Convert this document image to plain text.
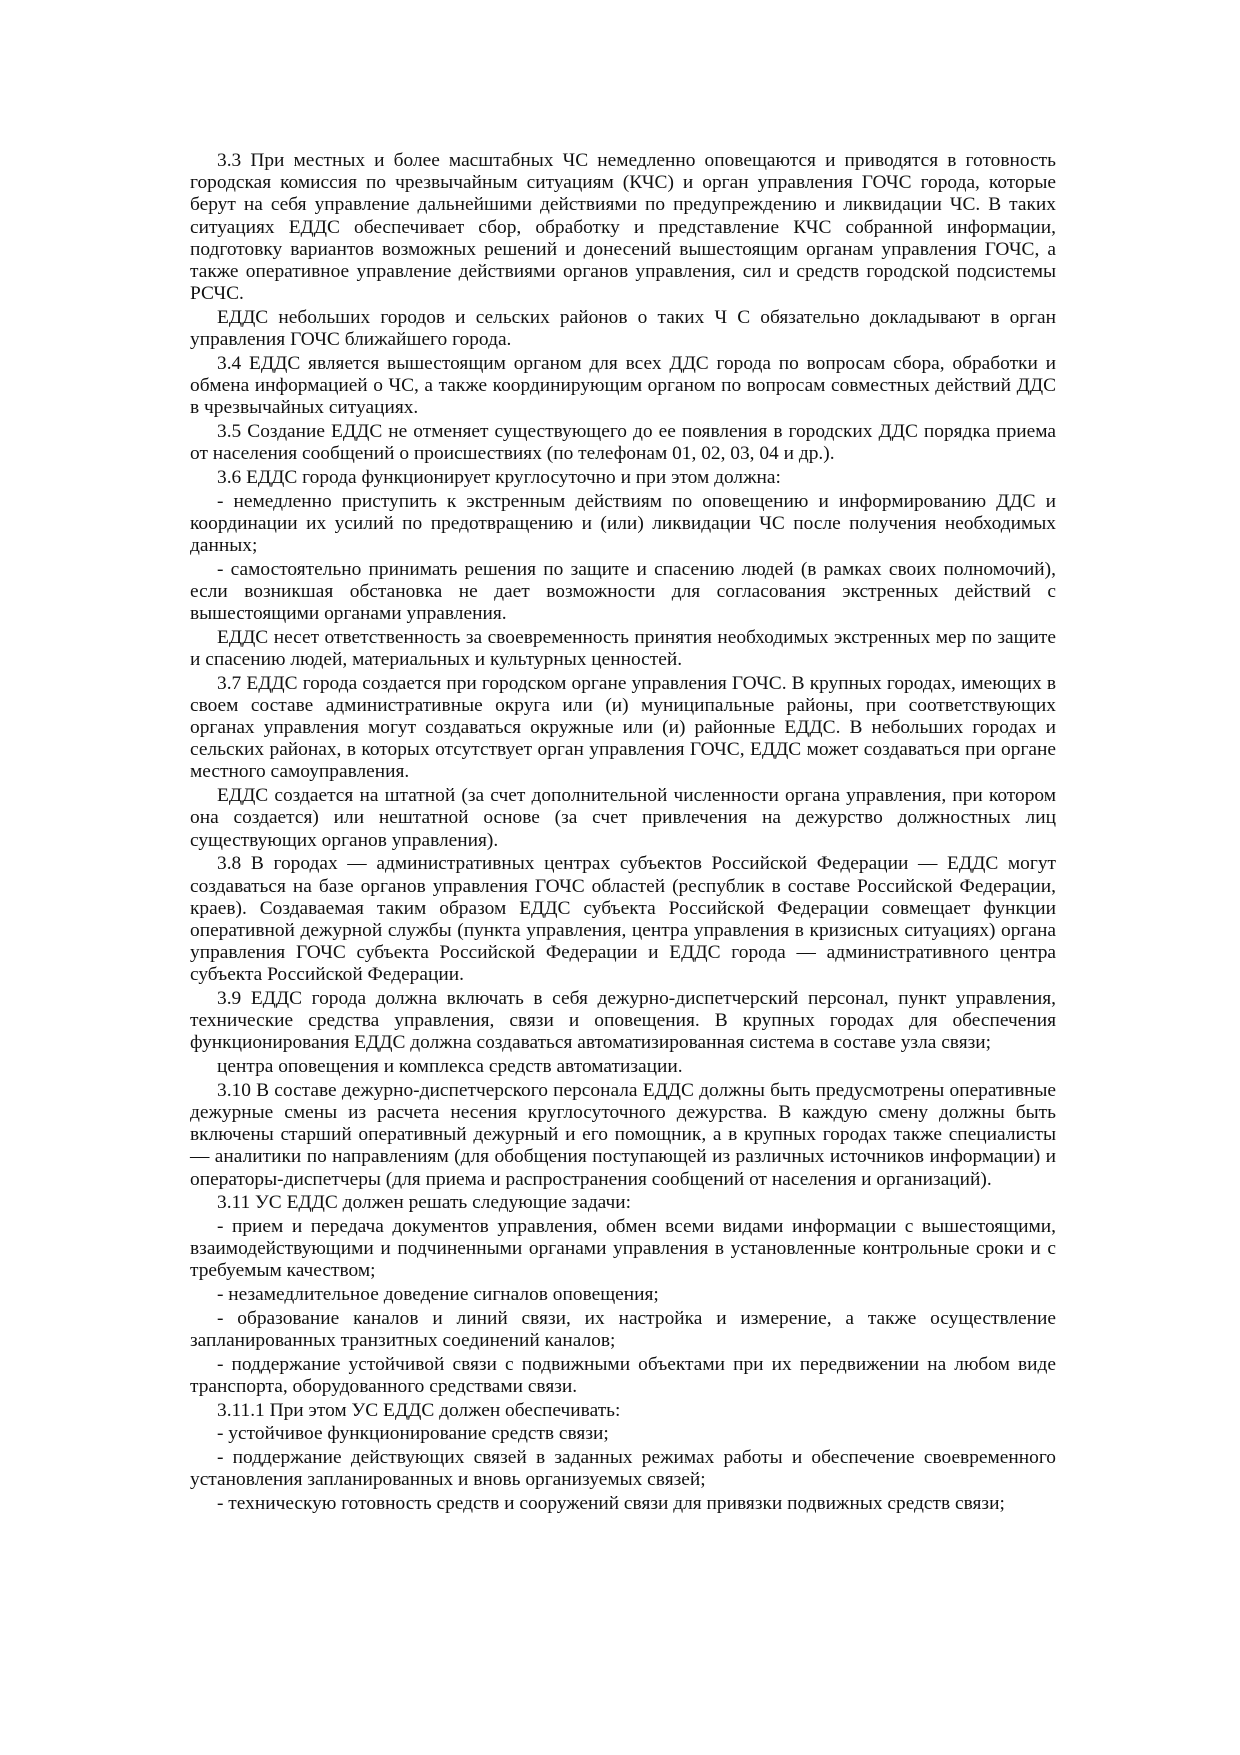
3.3 При местных и более масштабных ЧС немедленно оповещаются и приводятся в готовность городская комиссия по чрезвычайным ситуациям (КЧС) и орган управления ГОЧС города, которые берут на себя управление дальнейшими действиями по предупреждению и ликвидации ЧС. В таких ситуациях ЕДДС обеспечивает сбор, обработку и представление КЧС собранной информации, подготовку вариантов возможных решений и донесений вышестоящим органам управления ГОЧС, а также оперативное управление действиями органов управления, сил и средств городской подсистемы РСЧС.

ЕДДС небольших городов и сельских районов о таких Ч С обязательно докладывают в орган управления ГОЧС ближайшего города.

3.4 ЕДДС является вышестоящим органом для всех ДДС города по вопросам сбора, обработки и обмена информацией о ЧС, а также координирующим органом по вопросам совместных действий ДДС в чрезвычайных ситуациях.

3.5 Создание ЕДДС не отменяет существующего до ее появления в городских ДДС порядка приема от населения сообщений о происшествиях (по телефонам 01, 02, 03, 04 и др.).

3.6 ЕДДС города функционирует круглосуточно и при этом должна:

- немедленно приступить к экстренным действиям по оповещению и информированию ДДС и координации их усилий по предотвращению и (или) ликвидации ЧС после получения необходимых данных;

- самостоятельно принимать решения по защите и спасению людей (в рамках своих полномочий), если возникшая обстановка не дает возможности для согласования экстренных действий с вышестоящими органами управления.

ЕДДС несет ответственность за своевременность принятия необходимых экстренных мер по защите и спасению людей, материальных и культурных ценностей.

3.7 ЕДДС города создается при городском органе управления ГОЧС. В крупных городах, имеющих в своем составе административные округа или (и) муниципальные районы, при соответствующих органах управления могут создаваться окружные или (и) районные ЕДДС. В небольших городах и сельских районах, в которых отсутствует орган управления ГОЧС, ЕДДС может создаваться при органе местного самоуправления.

ЕДДС создается на штатной (за счет дополнительной численности органа управления, при котором она создается) или нештатной основе (за счет привлечения на дежурство должностных лиц существующих органов управления).

3.8 В городах — административных центрах субъектов Российской Федерации — ЕДДС могут создаваться на базе органов управления ГОЧС областей (республик в составе Российской Федерации, краев). Создаваемая таким образом ЕДДС субъекта Российской Федерации совмещает функции оперативной дежурной службы (пункта управления, центра управления в кризисных ситуациях) органа управления ГОЧС субъекта Российской Федерации и ЕДДС города — административного центра субъекта Российской Федерации.

3.9 ЕДДС города должна включать в себя дежурно-диспетчерский персонал, пункт управления, технические средства управления, связи и оповещения. В крупных городах для обеспечения функционирования ЕДДС должна создаваться автоматизированная система в составе узла связи;

центра оповещения и комплекса средств автоматизации.

3.10 В составе дежурно-диспетчерского персонала ЕДДС должны быть предусмотрены оперативные дежурные смены из расчета несения круглосуточного дежурства. В каждую смену должны быть включены старший оперативный дежурный и его помощник, а в крупных городах также специалисты — аналитики по направлениям (для обобщения поступающей из различных источников информации) и операторы-диспетчеры (для приема и распространения сообщений от населения и организаций).

3.11 УС ЕДДС должен решать следующие задачи:

- прием и передача документов управления, обмен всеми видами информации с вышестоящими, взаимодействующими и подчиненными органами управления в установленные контрольные сроки и с требуемым качеством;

- незамедлительное доведение сигналов оповещения;

- образование каналов и линий связи, их настройка и измерение, а также осуществление запланированных транзитных соединений каналов;

- поддержание устойчивой связи с подвижными объектами при их передвижении на любом виде транспорта, оборудованного средствами связи.

3.11.1 При этом УС ЕДДС должен обеспечивать:

- устойчивое функционирование средств связи;

- поддержание действующих связей в заданных режимах работы и обеспечение своевременного установления запланированных и вновь организуемых связей;

- техническую готовность средств и сооружений связи для привязки подвижных средств связи;
